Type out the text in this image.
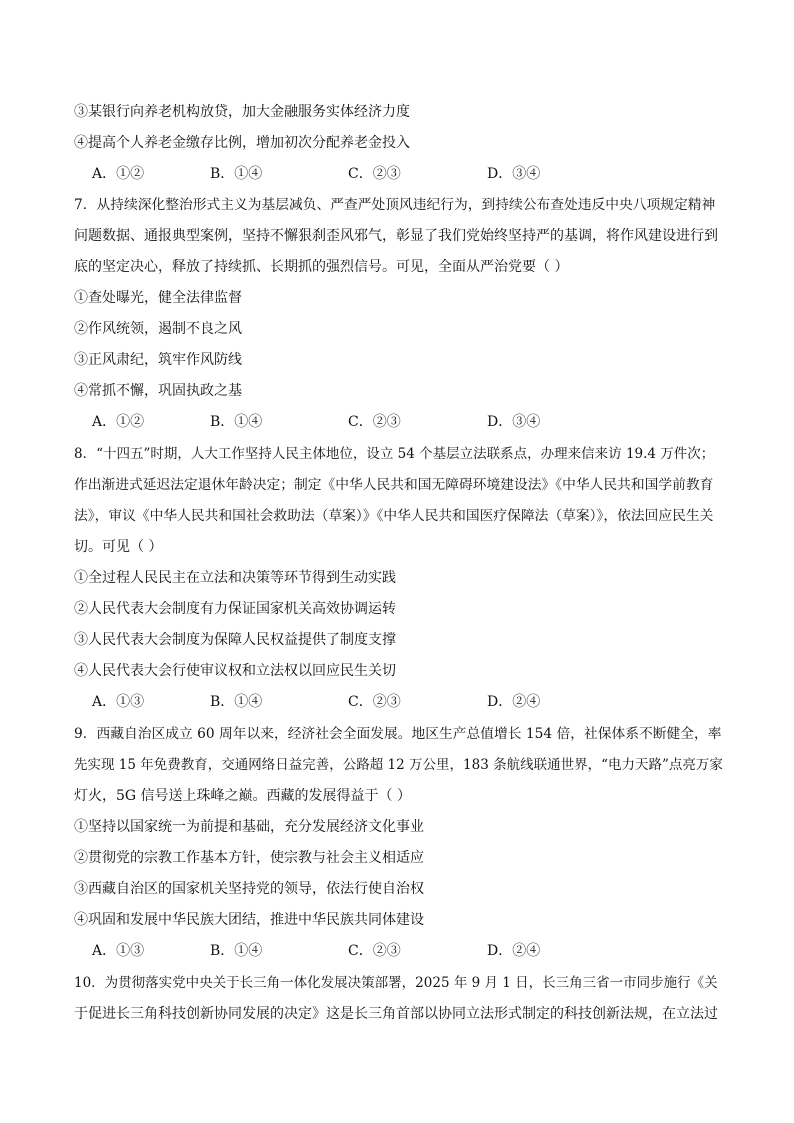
③某银行向养老机构放贷，加大金融服务实体经济力度
④提高个人养老金缴存比例，增加初次分配养老金投入
A．①②	B．①④	C．②③	D．③④
7．从持续深化整治形式主义为基层减负、严查严处顶风违纪行为，到持续公布查处违反中央八项规定精神
问题数据、通报典型案例，坚持不懈狠刹歪风邪气，彰显了我们党始终坚持严的基调，将作风建设进行到
底的坚定决心，释放了持续抓、长期抓的强烈信号。可见，全面从严治党要（ ）
①查处曝光，健全法律监督
②作风统领，遏制不良之风
③正风肃纪，筑牢作风防线
④常抓不懈，巩固执政之基
A．①②	B．①④	C．②③	D．③④
8．“十四五”时期，人大工作坚持人民主体地位，设立 54 个基层立法联系点，办理来信来访 19.4 万件次；
作出渐进式延迟法定退休年龄决定；制定《中华人民共和国无障碍环境建设法》《中华人民共和国学前教育
法》，审议《中华人民共和国社会救助法（草案）》《中华人民共和国医疗保障法（草案）》，依法回应民生关
切。可见（ ）
①全过程人民民主在立法和决策等环节得到生动实践
②人民代表大会制度有力保证国家机关高效协调运转
③人民代表大会制度为保障人民权益提供了制度支撑
④人民代表大会行使审议权和立法权以回应民生关切
A．①③	B．①④	C．②③	D．②④
9．西藏自治区成立 60 周年以来，经济社会全面发展。地区生产总值增长 154 倍，社保体系不断健全，率
先实现 15 年免费教育，交通网络日益完善，公路超 12 万公里，183 条航线联通世界，“电力天路”点亮万家
灯火，5G 信号送上珠峰之巅。西藏的发展得益于（ ）
①坚持以国家统一为前提和基础，充分发展经济文化事业
②贯彻党的宗教工作基本方针，使宗教与社会主义相适应
③西藏自治区的国家机关坚持党的领导，依法行使自治权
④巩固和发展中华民族大团结，推进中华民族共同体建设
A．①③	B．①④	C．②③	D．②④
10．为贯彻落实党中央关于长三角一体化发展决策部署，2025 年 9 月 1 日，长三角三省一市同步施行《关
于促进长三角科技创新协同发展的决定》这是长三角首部以协同立法形式制定的科技创新法规，在立法过
